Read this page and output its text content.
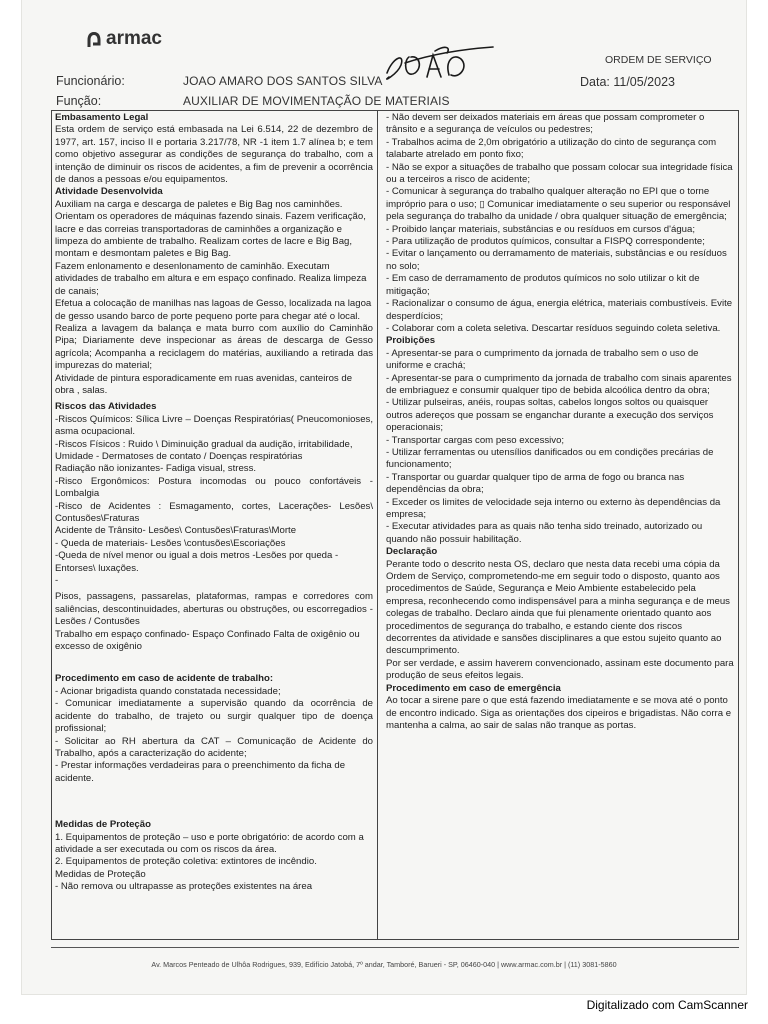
armac
ORDEM DE SERVIÇO
Funcionário:	JOAO AMARO DOS SANTOS SILVA	Data: 11/05/2023
Função:	AUXILIAR DE MOVIMENTAÇÃO DE MATERIAIS

Embasamento Legal

Esta ordem de serviço está embasada na Lei 6.514, 22 de dezembro de 1977, art. 157, inciso II e portaria 3.217/78, NR -1 item 1.7 alínea b; e tem como objetivo assegurar as condições de segurança do trabalho, com a intenção de diminuir os riscos de acidentes, a fim de prevenir a ocorrência de danos a pessoas e/ou equipamentos.

Atividade Desenvolvida

Auxiliam na carga e descarga de paletes e Big Bag nos caminhões. Orientam os operadores de máquinas fazendo sinais. Fazem verificação, lacre e das correias transportadoras de caminhões a organização e limpeza do ambiente de trabalho. Realizam cortes de lacre e Big Bag, montam e desmontam paletes e Big Bag.

Fazem enlonamento e desenlonamento de caminhão. Executam atividades de trabalho em altura e em espaço confinado. Realiza limpeza de canais;

Efetua a colocação de manilhas nas lagoas de Gesso, localizada na lagoa de gesso usando barco de porte pequeno porte para chegar até o local.

Realiza a lavagem da balança e mata burro com auxílio do Caminhão Pipa; Diariamente deve inspecionar as áreas de descarga de Gesso agrícola; Acompanha a reciclagem do matérias, auxiliando a retirada das impurezas do material;

Atividade de pintura esporadicamente em ruas avenidas, canteiros de obra , salas.

Riscos das Atividades

-Riscos Químicos: Sílica Livre – Doenças Respiratórias( Pneucomonioses, asma ocupacional.

-Riscos Físicos : Ruido \ Diminuição gradual da audição, irritabilidade, Umidade - Dermatoses de contato / Doenças respiratórias

Radiação não ionizantes- Fadiga visual, stress.

-Risco Ergonômicos: Postura incomodas ou pouco confortáveis - Lombalgia

-Risco de Acidentes : Esmagamento, cortes, Lacerações- Lesões\ Contusões\Fraturas

Acidente de Trânsito- Lesões\ Contusões\Fraturas\Morte

- Queda de materiais- Lesões \contusões\Escoriações

-Queda de nível menor ou igual a dois metros -Lesões por queda - Entorses\ luxações.

-

Pisos, passagens, passarelas, plataformas, rampas e corredores com saliências, descontinuidades, aberturas ou obstruções, ou escorregadios - Lesões / Contusões

Trabalho em espaço confinado- Espaço Confinado Falta de oxigênio ou excesso de oxigênio

Procedimento em caso de acidente de trabalho:

- Acionar brigadista quando constatada necessidade;

- Comunicar imediatamente a supervisão quando da ocorrência de acidente do trabalho, de trajeto ou surgir qualquer tipo de doença profissional;

- Solicitar ao RH abertura da CAT – Comunicação de Acidente do Trabalho, após a caracterização do acidente;

- Prestar informações verdadeiras para o preenchimento da ficha de acidente.

Medidas de Proteção

1. Equipamentos de proteção – uso e porte obrigatório: de acordo com a atividade a ser executada ou com os riscos da área.

2. Equipamentos de proteção coletiva: extintores de incêndio.

Medidas de Proteção

- Não remova ou ultrapasse as proteções existentes na área

- Não devem ser deixados materiais em áreas que possam comprometer o trânsito e a segurança de veículos ou pedestres;

- Trabalhos acima de 2,0m obrigatório a utilização do cinto de segurança com talabarte atrelado em ponto fixo;

- Não se expor a situações de trabalho que possam colocar sua integridade física ou a terceiros a risco de acidente;

- Comunicar à segurança do trabalho qualquer alteração no EPI que o torne impróprio para o uso; ▯ Comunicar imediatamente o seu superior ou responsável pela segurança do trabalho da unidade / obra qualquer situação de emergência;

- Proibido lançar materiais, substâncias e ou resíduos em cursos d'água;

- Para utilização de produtos químicos, consultar a FISPQ correspondente;

- Evitar o lançamento ou derramamento de materiais, substâncias e ou resíduos no solo;

- Em caso de derramamento de produtos químicos no solo utilizar o kit de mitigação;

- Racionalizar o consumo de água, energia elétrica, materiais combustíveis. Evite desperdícios;

- Colaborar com a coleta seletiva. Descartar resíduos seguindo coleta seletiva.

Proibições

- Apresentar-se para o cumprimento da jornada de trabalho sem o uso de uniforme e crachá;

- Apresentar-se para o cumprimento da jornada de trabalho com sinais aparentes de embriaguez e consumir qualquer tipo de bebida alcoólica dentro da obra;

- Utilizar pulseiras, anéis, roupas soltas, cabelos longos soltos ou quaisquer outros adereços que possam se enganchar durante a execução dos serviços operacionais;

- Transportar cargas com peso excessivo;

- Utilizar ferramentas ou utensílios danificados ou em condições precárias de funcionamento;

- Transportar ou guardar qualquer tipo de arma de fogo ou branca nas dependências da obra;

- Exceder os limites de velocidade seja interno ou externo às dependências da empresa;

- Executar atividades para as quais não tenha sido treinado, autorizado ou quando não possuir habilitação.

Declaração

Perante todo o descrito nesta OS, declaro que nesta data recebi uma cópia da Ordem de Serviço, comprometendo-me em seguir todo o disposto, quanto aos procedimentos de Saúde, Segurança e Meio Ambiente estabelecido pela empresa, reconhecendo como indispensável para a minha segurança e de meus colegas de trabalho. Declaro ainda que fui plenamente orientado quanto aos procedimentos de segurança do trabalho, e estando ciente dos riscos decorrentes da atividade e sansões disciplinares a que estou sujeito quanto ao descumprimento.

Por ser verdade, e assim haverem convencionado, assinam este documento para produção de seus efeitos legais.

Procedimento em caso de emergência

Ao tocar a sirene pare o que está fazendo imediatamente e se mova até o ponto de encontro indicado. Siga as orientações dos cipeiros e brigadistas. Não corra e mantenha a calma, ao sair de salas não tranque as portas.

Av. Marcos Penteado de Ulhôa Rodrigues, 939, Edifício Jatobá, 7º andar, Tamboré, Barueri - SP, 06460-040 | www.armac.com.br | (11) 3081-5860
Digitalizado com CamScanner
